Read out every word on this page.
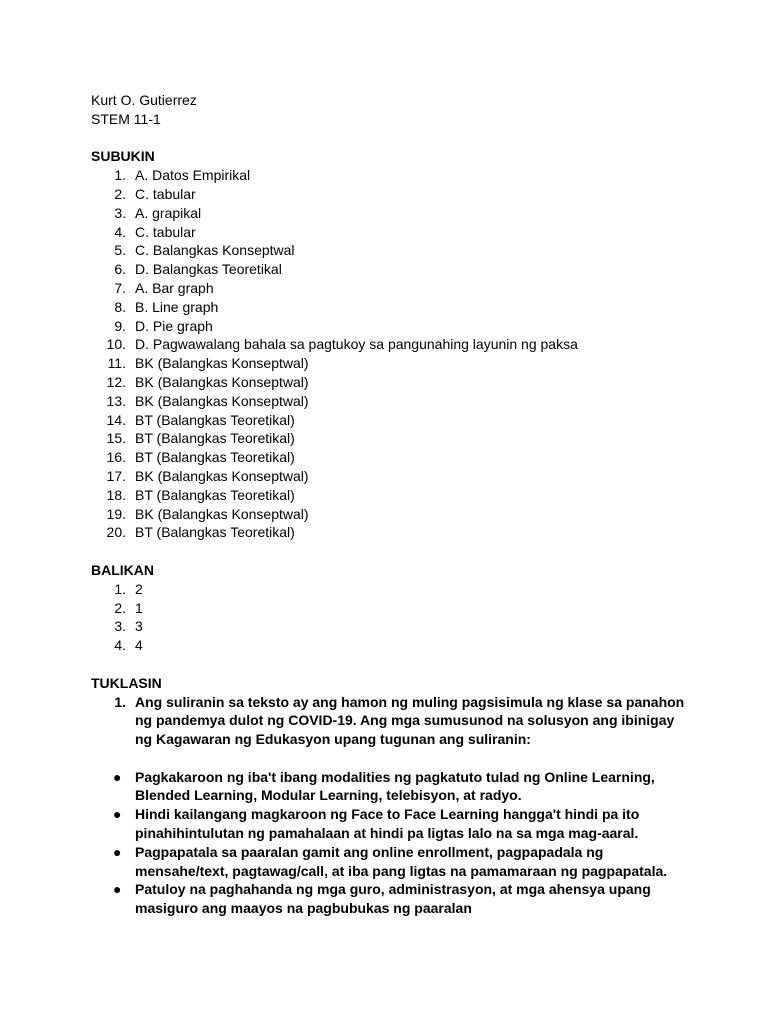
Kurt O. Gutierrez
STEM 11-1
SUBUKIN
1. A. Datos Empirikal
2. C. tabular
3. A. grapikal
4. C. tabular
5. C. Balangkas Konseptwal
6. D. Balangkas Teoretikal
7. A. Bar graph
8. B. Line graph
9. D. Pie graph
10. D. Pagwawalang bahala sa pagtukoy sa pangunahing layunin ng paksa
11. BK (Balangkas Konseptwal)
12. BK (Balangkas Konseptwal)
13. BK (Balangkas Konseptwal)
14. BT (Balangkas Teoretikal)
15. BT (Balangkas Teoretikal)
16. BT (Balangkas Teoretikal)
17. BK (Balangkas Konseptwal)
18. BT (Balangkas Teoretikal)
19. BK (Balangkas Konseptwal)
20. BT (Balangkas Teoretikal)
BALIKAN
1. 2
2. 1
3. 3
4. 4
TUKLASIN
1. Ang suliranin sa teksto ay ang hamon ng muling pagsisimula ng klase sa panahon ng pandemya dulot ng COVID-19. Ang mga sumusunod na solusyon ang ibinigay ng Kagawaran ng Edukasyon upang tugunan ang suliranin:
● Pagkakaroon ng iba't ibang modalities ng pagkatuto tulad ng Online Learning, Blended Learning, Modular Learning, telebisyon, at radyo.
● Hindi kailangang magkaroon ng Face to Face Learning hangga't hindi pa ito pinahihintulutan ng pamahalaan at hindi pa ligtas lalo na sa mga mag-aaral.
● Pagpapatala sa paaralan gamit ang online enrollment, pagpapadala ng mensahe/text, pagtawag/call, at iba pang ligtas na pamamaraan ng pagpapatala.
● Patuloy na paghahanda ng mga guro, administrasyon, at mga ahensya upang masiguro ang maayos na pagbubukas ng paaralan
